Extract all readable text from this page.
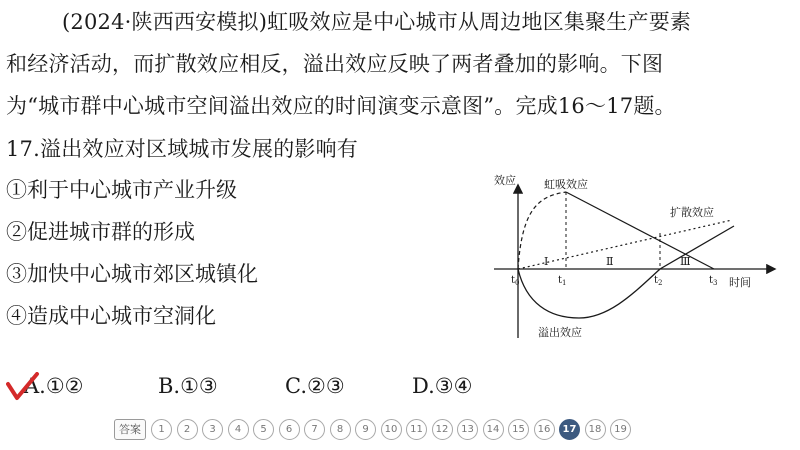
(2024·陕西西安模拟)虹吸效应是中心城市从周边地区集聚生产要素
和经济活动，而扩散效应相反，溢出效应反映了两者叠加的影响。下图
为“城市群中心城市空间溢出效应的时间演变示意图”。完成16～17题。
17.溢出效应对区域城市发展的影响有
①利于中心城市产业升级
②促进城市群的形成
③加快中心城市郊区城镇化
④造成中心城市空洞化
A.①②	B.①③	C.②③	D.③④
效应
时间
虹吸效应
扩散效应
溢出效应
Ⅰ	Ⅱ	Ⅲ
$t_0$	$t_1$	$t_2$	$t_3$
答案	1	2	3	4	5	6	7	8	9	10	11	12	13	14	15	16	17	18	19
